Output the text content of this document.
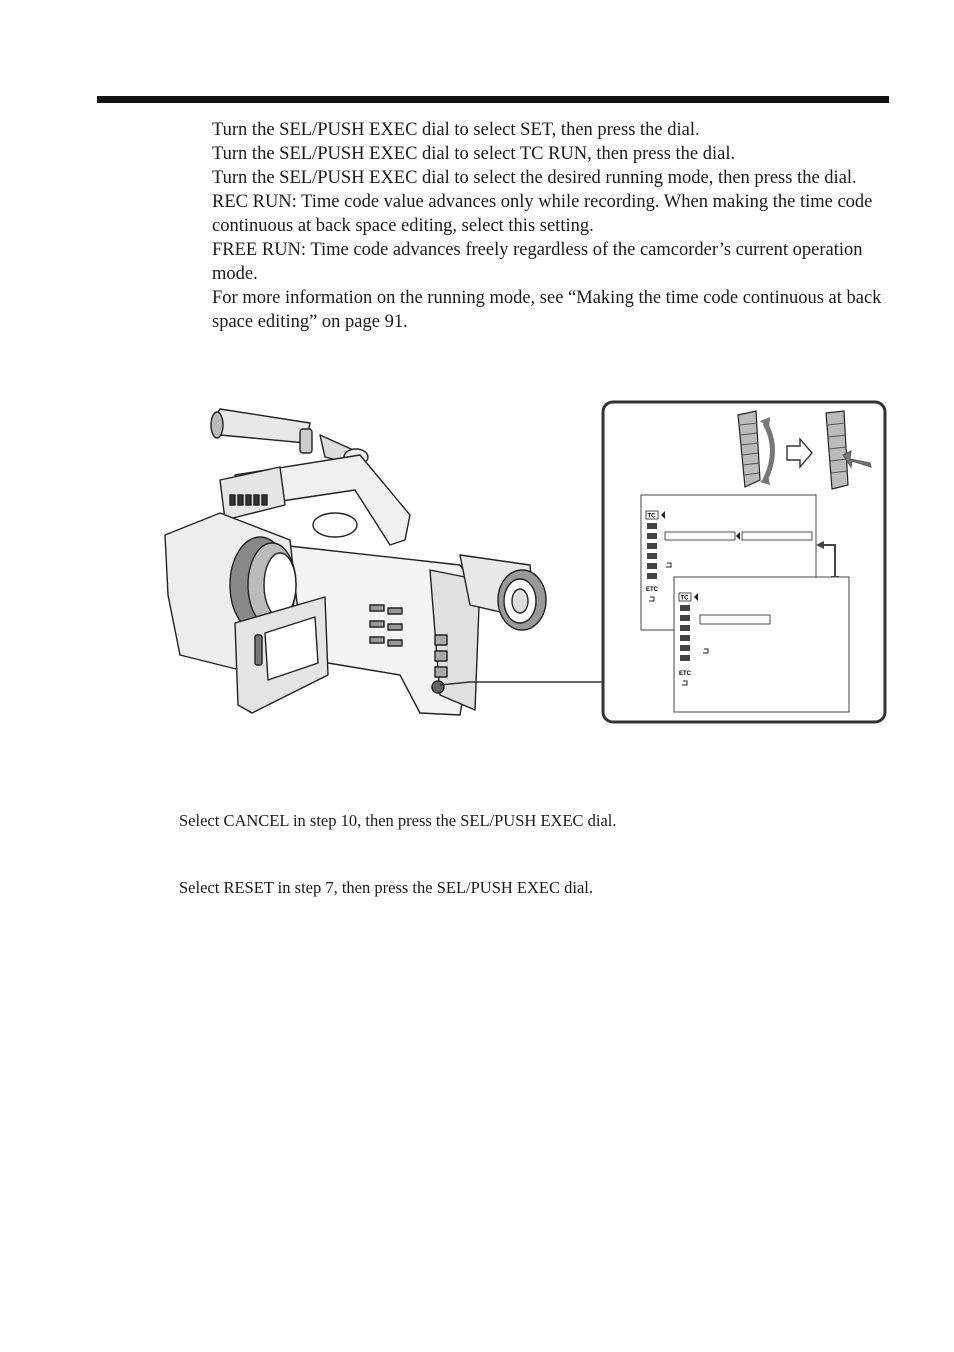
Turn the SEL/PUSH EXEC dial to select SET, then press the dial.

Turn the SEL/PUSH EXEC dial to select TC RUN, then press the dial.

Turn the SEL/PUSH EXEC dial to select the desired running mode, then press the dial.

REC RUN: Time code value advances only while recording. When making the time code continuous at back space editing, select this setting.

FREE RUN: Time code advances freely regardless of the camcorder’s current operation mode.

For more information on the running mode, see “Making the time code continuous at back space editing” on page 91.

TC
ETC
TC
ETC

Select CANCEL in step 10, then press the SEL/PUSH EXEC dial.

Select RESET in step 7, then press the SEL/PUSH EXEC dial.
